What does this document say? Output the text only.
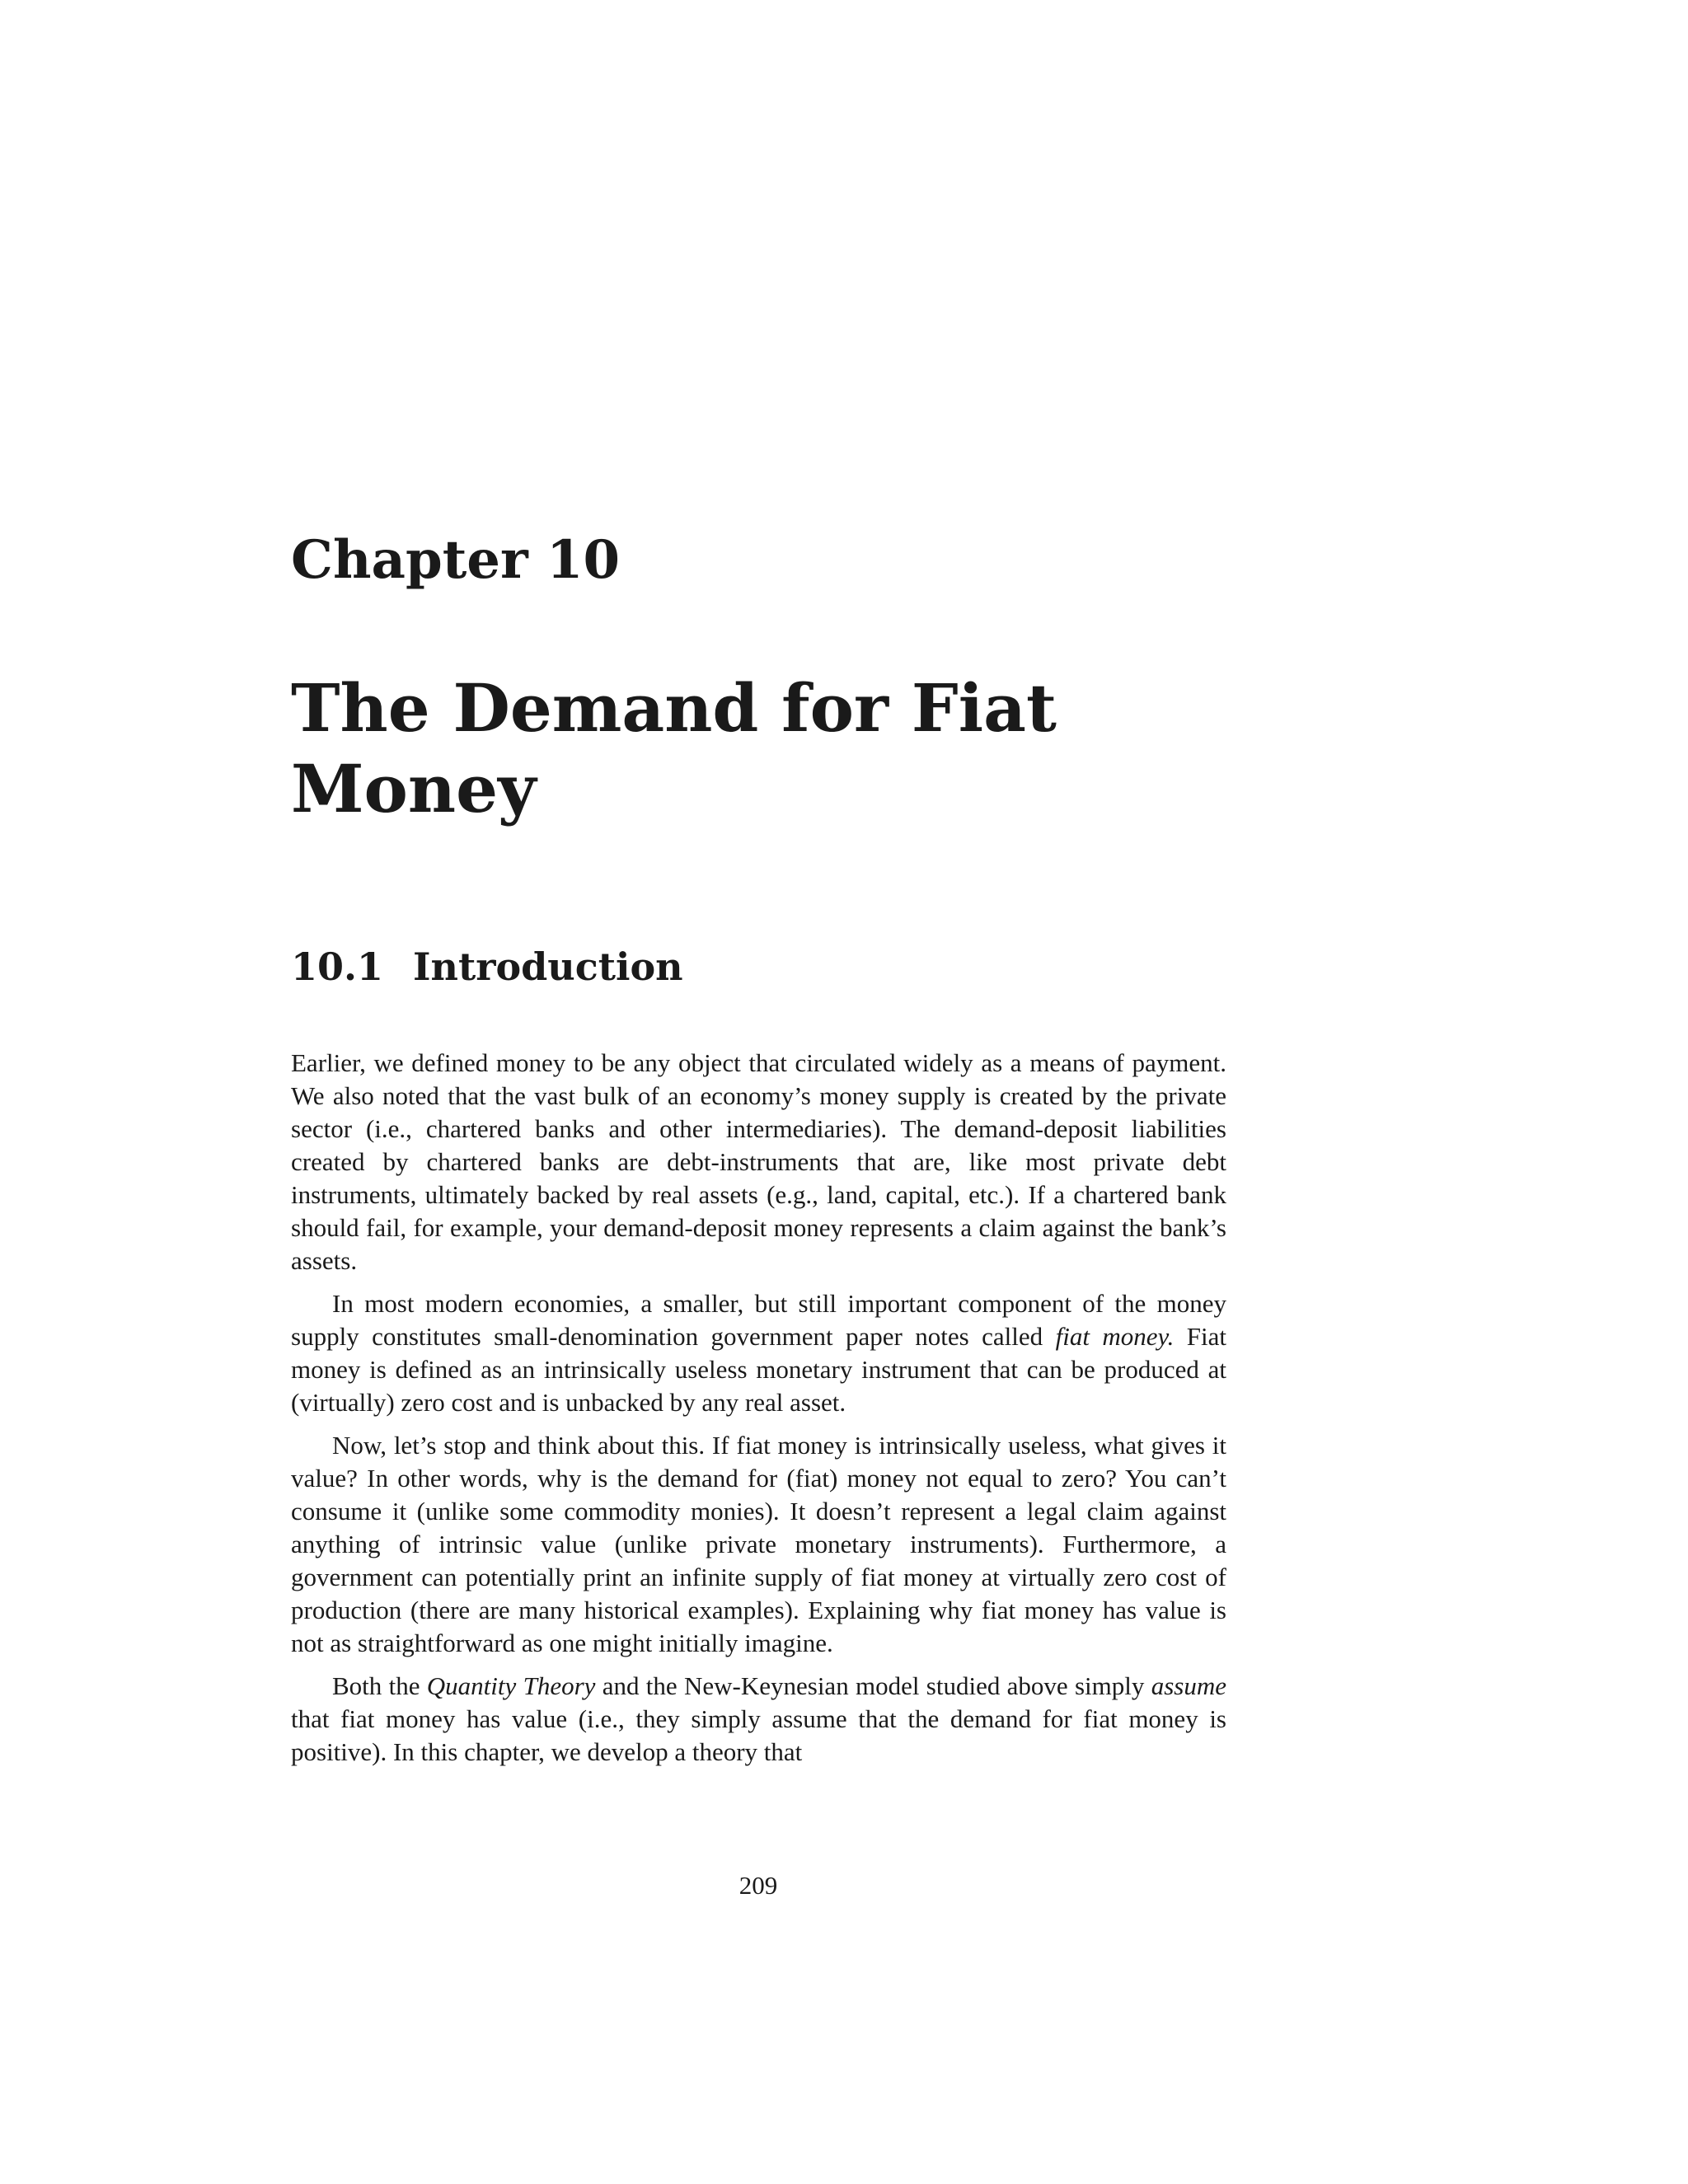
Chapter 10
The Demand for Fiat Money
10.1 Introduction

Earlier, we defined money to be any object that circulated widely as a means of payment. We also noted that the vast bulk of an economy’s money supply is created by the private sector (i.e., chartered banks and other intermediaries). The demand-deposit liabilities created by chartered banks are debt-instruments that are, like most private debt instruments, ultimately backed by real assets (e.g., land, capital, etc.). If a chartered bank should fail, for example, your demand-deposit money represents a claim against the bank’s assets.

In most modern economies, a smaller, but still important component of the money supply constitutes small-denomination government paper notes called fiat money. Fiat money is defined as an intrinsically useless monetary instrument that can be produced at (virtually) zero cost and is unbacked by any real asset.

Now, let’s stop and think about this. If fiat money is intrinsically useless, what gives it value? In other words, why is the demand for (fiat) money not equal to zero? You can’t consume it (unlike some commodity monies). It doesn’t represent a legal claim against anything of intrinsic value (unlike private monetary instruments). Furthermore, a government can potentially print an infinite supply of fiat money at virtually zero cost of production (there are many historical examples). Explaining why fiat money has value is not as straightforward as one might initially imagine.

Both the Quantity Theory and the New-Keynesian model studied above simply assume that fiat money has value (i.e., they simply assume that the demand for fiat money is positive). In this chapter, we develop a theory that

209
